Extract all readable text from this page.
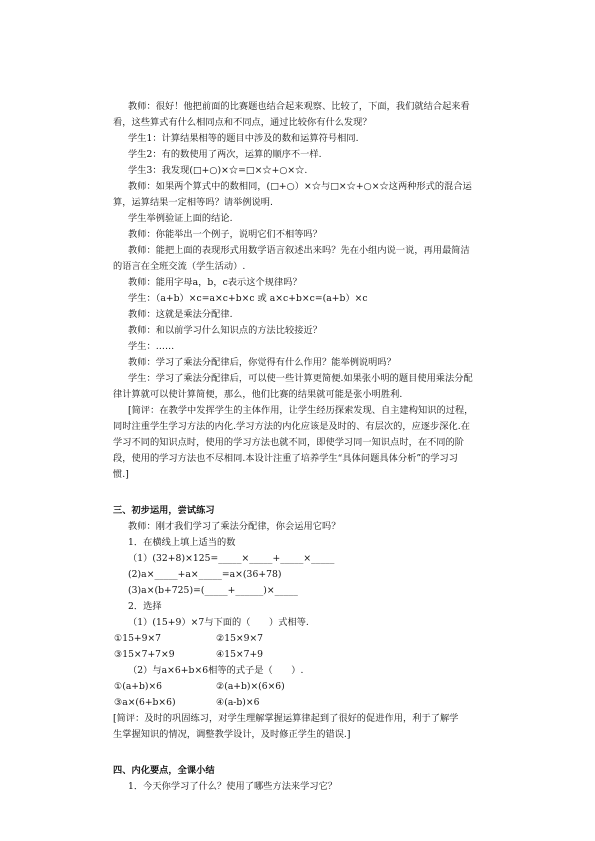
教师：很好！他把前面的比赛题也结合起来观察、比较了，下面，我们就结合起来看
看，这些算式有什么相同点和不同点，通过比较你有什么发现？
学生1：计算结果相等的题目中涉及的数和运算符号相同.
学生2：有的数使用了两次，运算的顺序不一样.
学生3：我发现(□+○)×☆=□×☆+○×☆.
教师：如果两个算式中的数相同，(□+○）×☆与□×☆+○×☆这两种形式的混合运
算，运算结果一定相等吗？请举例说明.
学生举例验证上面的结论.
教师：你能举出一个例子，说明它们不相等吗？
教师：能把上面的表现形式用数学语言叙述出来吗？先在小组内说一说，再用最简洁
的语言在全班交流（学生活动）.
教师：能用字母a，b，c表示这个规律吗？
学生：（a+b）×c=a×c+b×c 或 a×c+b×c=(a+b）×c
教师：这就是乘法分配律.
教师：和以前学习什么知识点的方法比较接近？
学生：……
教师：学习了乘法分配律后，你觉得有什么作用？能举例说明吗？
学生：学习了乘法分配律后，可以使一些计算更简便.如果张小明的题目使用乘法分配
律计算就可以使计算简便，那么，他们比赛的结果就可能是张小明胜利.
[简评：在教学中发挥学生的主体作用，让学生经历探索发现、自主建构知识的过程，
同时注重学生学习方法的内化.学习方法的内化应该是及时的、有层次的，应逐步深化.在
学习不同的知识点时，使用的学习方法也就不同，即使学习同一知识点时，在不同的阶
段，使用的学习方法也不尽相同.本设计注重了培养学生“具体问题具体分析”的学习习
惯.]
三、初步运用，尝试练习
教师：刚才我们学习了乘法分配律，你会运用它吗？
1．在横线上填上适当的数
（1）(32+8)×125=_____×_____+_____×_____
(2)a×_____+a×_____=a×(36+78)
(3)a×(b+725)=(_____+______)×_____
2．选择
（1）(15+9）×7与下面的（　　）式相等.
①15+9×7	②15×9×7
③15×7+7×9	④15×7+9
（2）与a×6+b×6相等的式子是（　　）.
①(a+b)×6	②(a+b)×(6×6)
③a×(6+b×6)	④(a-b)×6
[简评：及时的巩固练习，对学生理解掌握运算律起到了很好的促进作用，利于了解学
生掌握知识的情况，调整教学设计，及时修正学生的错误.]
四、内化要点，全课小结
1．今天你学习了什么？使用了哪些方法来学习它？
